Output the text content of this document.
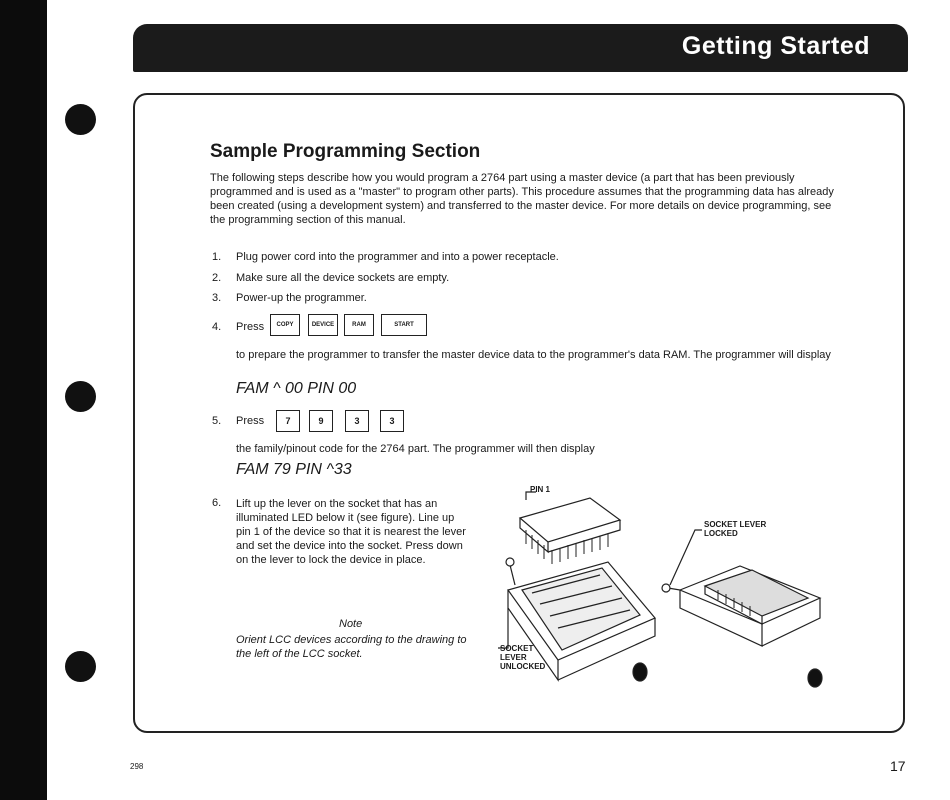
Getting Started
Sample Programming Section
The following steps describe how you would program a 2764 part using a master device (a part that has been previously programmed and is used as a "master" to program other parts). This procedure assumes that the programming data has already been created (using a development system) and transferred to the master device. For more details on device programming, see the programming section of this manual.
1. Plug power cord into the programmer and into a power receptacle.
2. Make sure all the device sockets are empty.
3. Power-up the programmer.
4. Press	COPY	DEVICE	RAM	START
to prepare the programmer to transfer the master device data to the programmer's data RAM. The programmer will display
FAM ^ 00 PIN 00
5. Press	7	9	3	3
the family/pinout code for the 2764 part. The programmer will then display
FAM 79 PIN ^33
6. Lift up the lever on the socket that has an illuminated LED below it (see figure). Line up pin 1 of the device so that it is nearest the lever and set the device into the socket. Press down on the lever to lock the device in place.
Note
Orient LCC devices according to the drawing to the left of the LCC socket.
PIN 1
SOCKET LEVER
LOCKED
SOCKET
LEVER
UNLOCKED
298	17
